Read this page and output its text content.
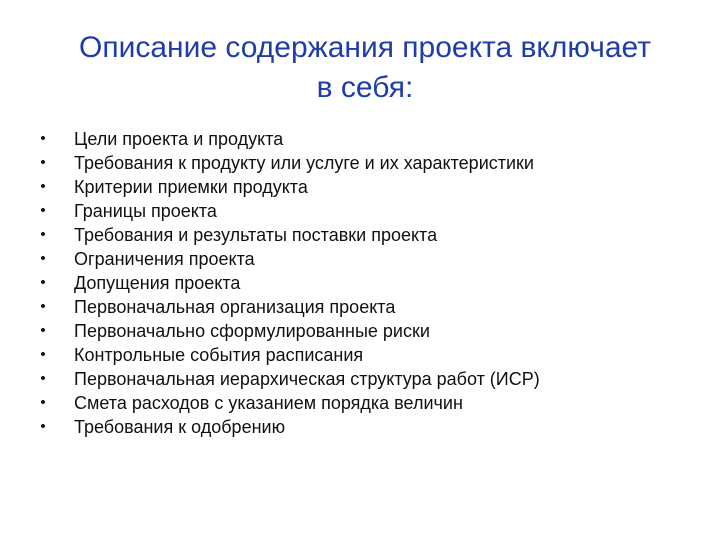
Описание содержания проекта включает
в себя:
• Цели проекта и продукта
• Требования к продукту или услуге и их характеристики
• Критерии приемки продукта
• Границы проекта
• Требования и результаты поставки проекта
• Ограничения проекта
• Допущения проекта
• Первоначальная организация проекта
• Первоначально сформулированные риски
• Контрольные события расписания
• Первоначальная иерархическая структура работ (ИСР)
• Смета расходов с указанием порядка величин
• Требования к одобрению
